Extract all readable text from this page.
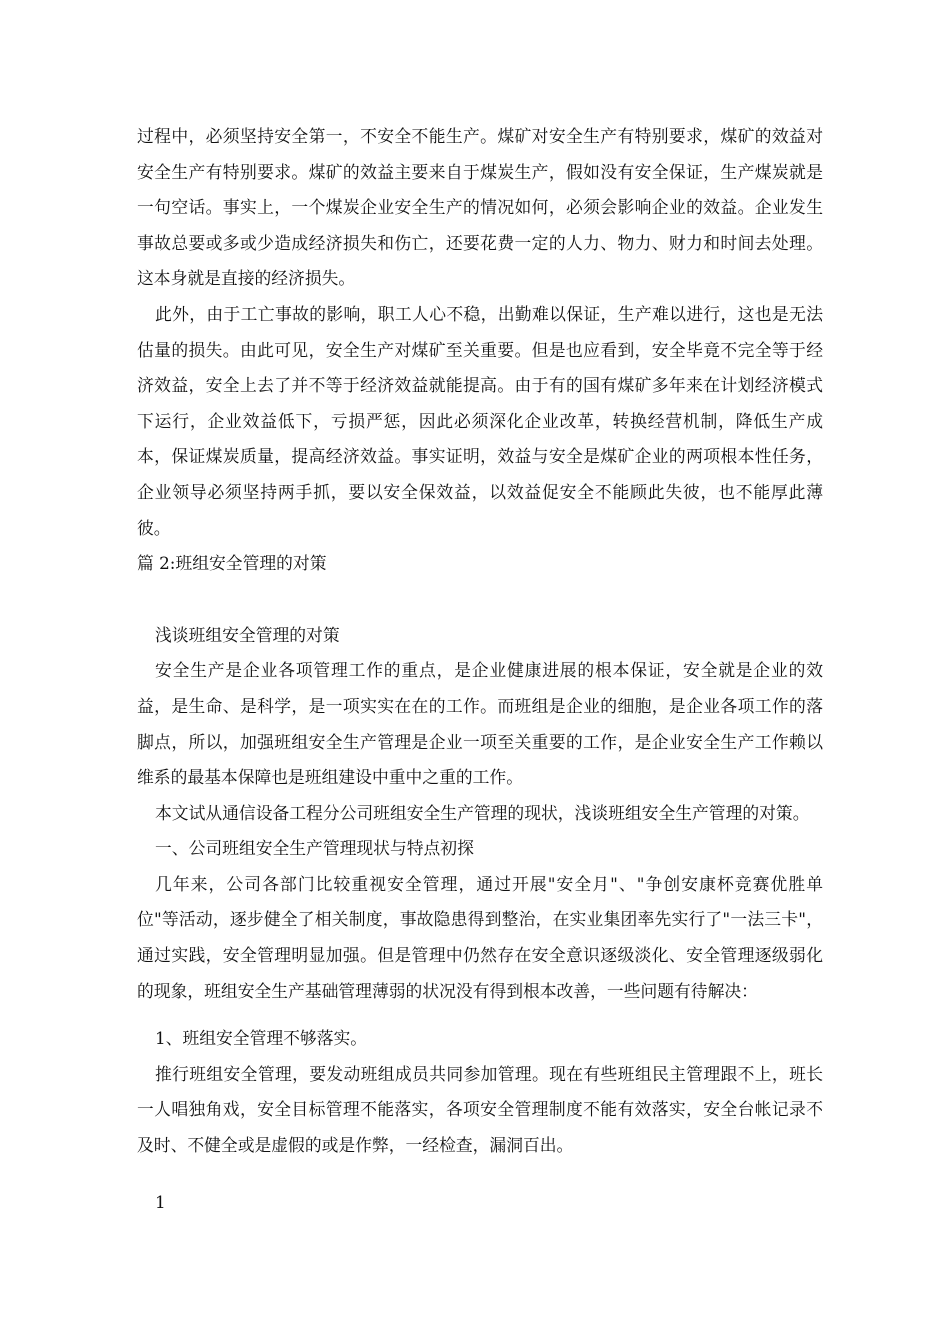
过程中，必须坚持安全第一，不安全不能生产。煤矿对安全生产有特别要求，煤矿的效益对安全生产有特别要求。煤矿的效益主要来自于煤炭生产，假如没有安全保证，生产煤炭就是一句空话。事实上，一个煤炭企业安全生产的情况如何，必须会影响企业的效益。企业发生事故总要或多或少造成经济损失和伤亡，还要花费一定的人力、物力、财力和时间去处理。这本身就是直接的经济损失。

此外，由于工亡事故的影响，职工人心不稳，出勤难以保证，生产难以进行，这也是无法估量的损失。由此可见，安全生产对煤矿至关重要。但是也应看到，安全毕竟不完全等于经济效益，安全上去了并不等于经济效益就能提高。由于有的国有煤矿多年来在计划经济模式下运行，企业效益低下，亏损严惩，因此必须深化企业改革，转换经营机制，降低生产成本，保证煤炭质量，提高经济效益。事实证明，效益与安全是煤矿企业的两项根本性任务，企业领导必须坚持两手抓，要以安全保效益，以效益促安全不能顾此失彼，也不能厚此薄彼。

篇 2:班组安全管理的对策

浅谈班组安全管理的对策

安全生产是企业各项管理工作的重点，是企业健康进展的根本保证，安全就是企业的效益，是生命、是科学，是一项实实在在的工作。而班组是企业的细胞，是企业各项工作的落脚点，所以，加强班组安全生产管理是企业一项至关重要的工作，是企业安全生产工作赖以维系的最基本保障也是班组建设中重中之重的工作。

本文试从通信设备工程分公司班组安全生产管理的现状，浅谈班组安全生产管理的对策。

一、公司班组安全生产管理现状与特点初探

几年来，公司各部门比较重视安全管理，通过开展"安全月"、"争创安康杯竞赛优胜单位"等活动，逐步健全了相关制度，事故隐患得到整治，在实业集团率先实行了"一法三卡"，通过实践，安全管理明显加强。但是管理中仍然存在安全意识逐级淡化、安全管理逐级弱化的现象，班组安全生产基础管理薄弱的状况没有得到根本改善，一些问题有待解决：

1、班组安全管理不够落实。

推行班组安全管理，要发动班组成员共同参加管理。现在有些班组民主管理跟不上，班长一人唱独角戏，安全目标管理不能落实，各项安全管理制度不能有效落实，安全台帐记录不及时、不健全或是虚假的或是作弊，一经检查，漏洞百出。

1
